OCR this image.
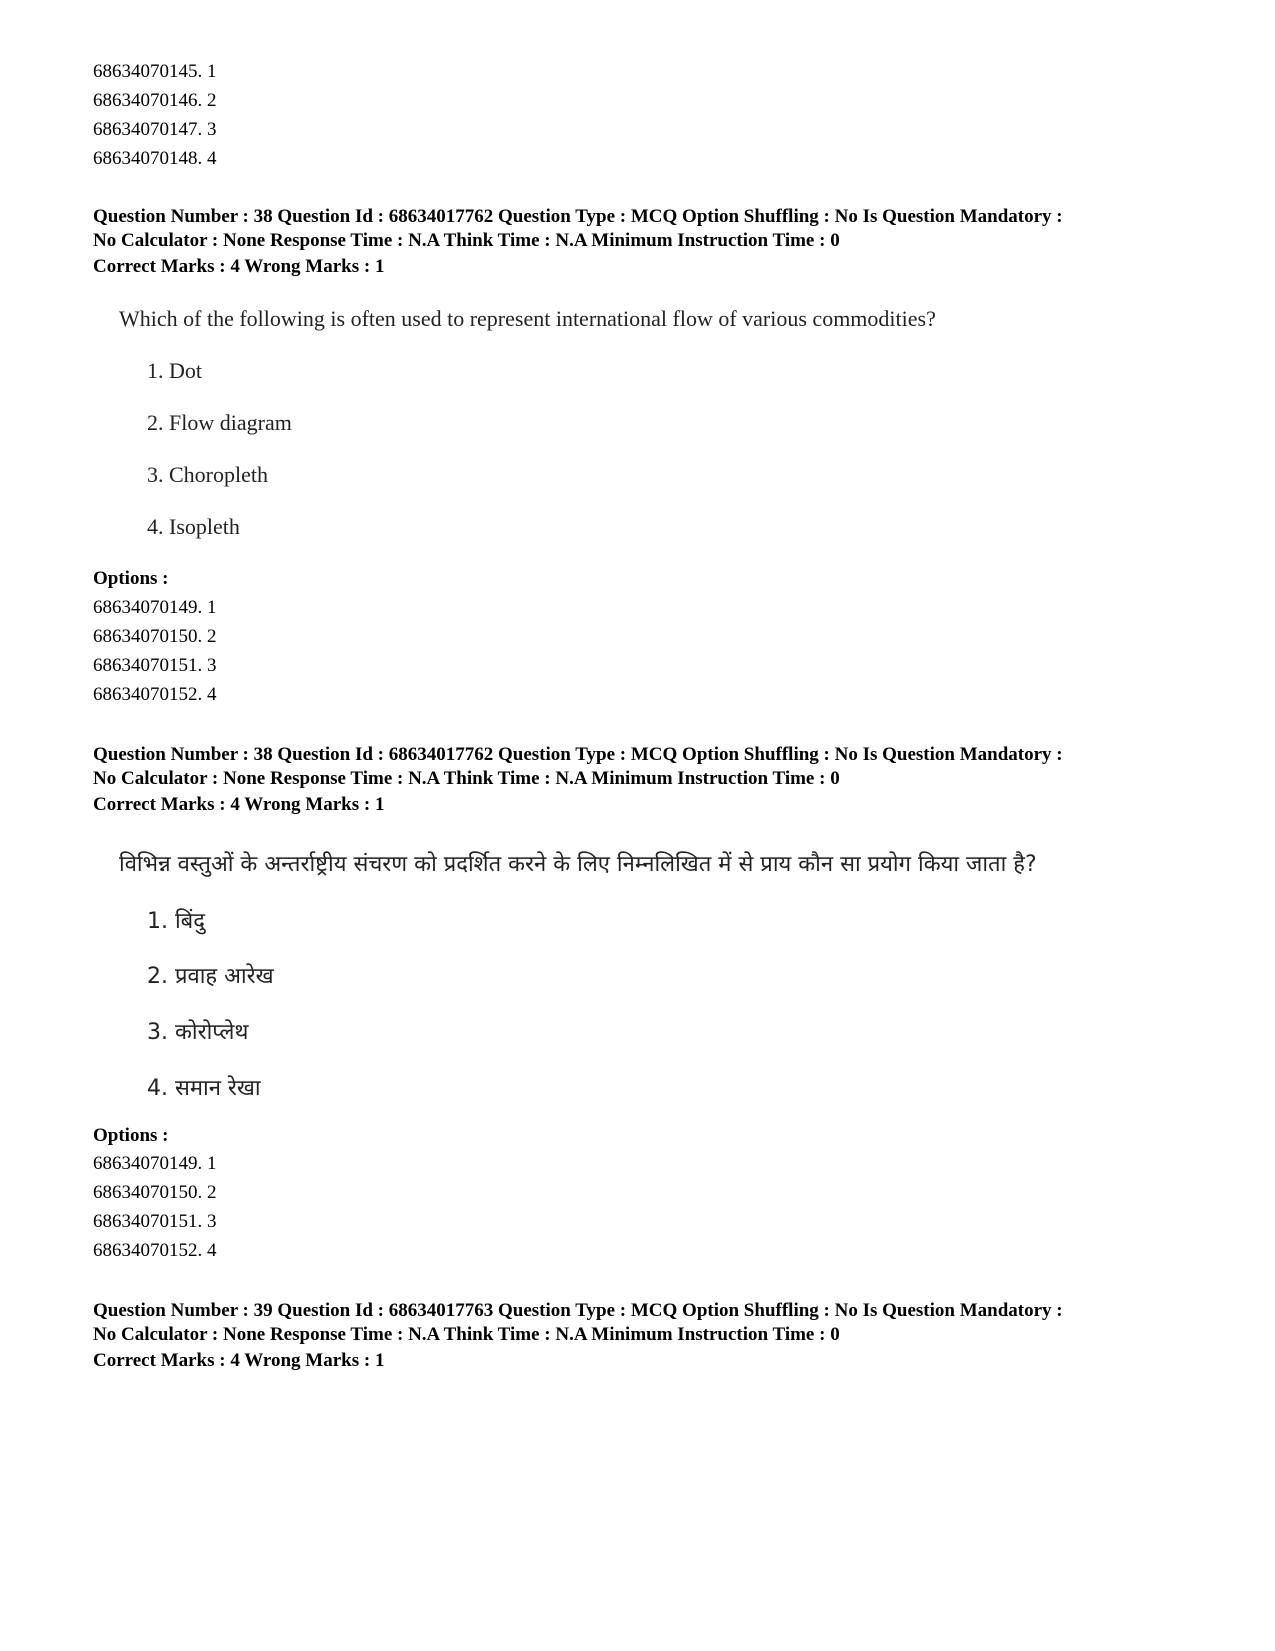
68634070145. 1
68634070146. 2
68634070147. 3
68634070148. 4
Question Number : 38 Question Id : 68634017762 Question Type : MCQ Option Shuffling : No Is Question Mandatory :
No Calculator : None Response Time : N.A Think Time : N.A Minimum Instruction Time : 0
Correct Marks : 4 Wrong Marks : 1
Which of the following is often used to represent international flow of various commodities?
1. Dot
2. Flow diagram
3. Choropleth
4. Isopleth
Options :
68634070149. 1
68634070150. 2
68634070151. 3
68634070152. 4
Question Number : 38 Question Id : 68634017762 Question Type : MCQ Option Shuffling : No Is Question Mandatory :
No Calculator : None Response Time : N.A Think Time : N.A Minimum Instruction Time : 0
Correct Marks : 4 Wrong Marks : 1
विभिन्न वस्तुओं के अन्तर्राष्ट्रीय संचरण को प्रदर्शित करने के लिए निम्नलिखित में से प्राय कौन सा प्रयोग किया जाता है?
1. बिंदु
2. प्रवाह आरेख
3. कोरोप्लेथ
4. समान रेखा
Options :
68634070149. 1
68634070150. 2
68634070151. 3
68634070152. 4
Question Number : 39 Question Id : 68634017763 Question Type : MCQ Option Shuffling : No Is Question Mandatory :
No Calculator : None Response Time : N.A Think Time : N.A Minimum Instruction Time : 0
Correct Marks : 4 Wrong Marks : 1
